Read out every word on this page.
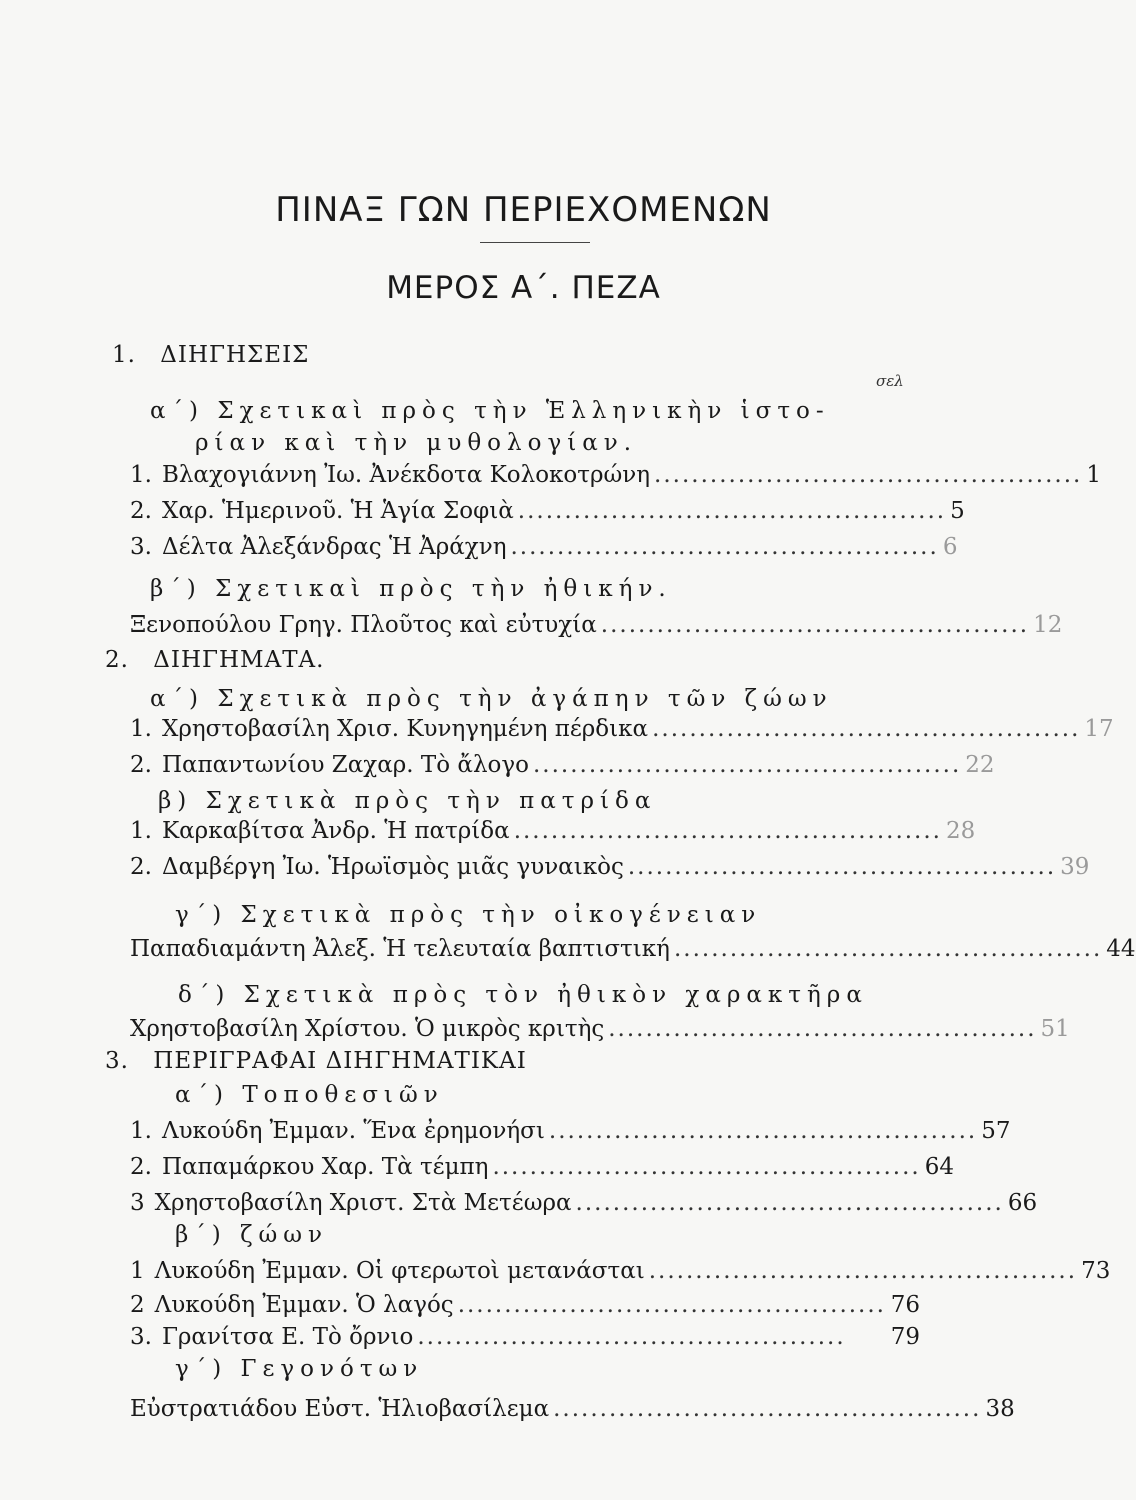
ΠΙΝΑΞ ΓΩΝ ΠΕΡΙΕΧΟΜΕΝΩΝ
ΜΕΡΟΣ Α΄. ΠΕΖΑ
σελ
1. ΔΙΗΓΗΣΕΙΣ
α΄) Σχετικαὶ πρὸς τὴν Ἑλληνικὴν ἱστο-
ρίαν καὶ τὴν μυθολογίαν.
1. Βλαχογιάννη Ἰω. Ἀνέκδοτα Κολοκοτρώνη .............................................. 1
2. Χαρ. Ἡμερινοῦ. Ἡ Ἁγία Σοφιὰ .............................................. 5
3. Δέλτα Ἀλεξάνδρας Ἡ Ἀράχνη .............................................. 6
β΄) Σχετικαὶ πρὸς τὴν ἠθικήν.
Ξενοπούλου Γρηγ. Πλοῦτος καὶ εὐτυχία .............................................. 12
2. ΔΙΗΓΗΜΑΤΑ.
α΄) Σχετικὰ πρὸς τὴν ἀγάπην τῶν ζώων
1. Χρηστοβασίλη Χρισ. Κυνηγημένη πέρδικα .............................................. 17
2. Παπαντωνίου Ζαχαρ. Τὸ ἄλογο .............................................. 22
β) Σχετικὰ πρὸς τὴν πατρίδα
1. Καρκαβίτσα Ἀνδρ. Ἡ πατρίδα .............................................. 28
2. Δαμβέργη Ἰω. Ἡρωϊσμὸς μιᾶς γυναικὸς .............................................. 39
γ΄) Σχετικὰ πρὸς τὴν οἰκογένειαν
Παπαδιαμάντη Ἀλεξ. Ἡ τελευταία βαπτιστική .............................................. 44
δ΄) Σχετικὰ πρὸς τὸν ἠθικὸν χαρακτῆρα
Χρηστοβασίλη Χρίστου. Ὁ μικρὸς κριτὴς .............................................. 51
3. ΠΕΡΙΓΡΑΦΑΙ ΔΙΗΓΗΜΑΤΙΚΑΙ
α΄) Τοποθεσιῶν
1. Λυκούδη Ἐμμαν. Ἕνα ἐρημονήσι .............................................. 57
2. Παπαμάρκου Χαρ. Τὰ τέμπη .............................................. 64
3 Χρηστοβασίλη Χριστ. Στὰ Μετέωρα .............................................. 66
β΄) ζώων
1 Λυκούδη Ἐμμαν. Οἱ φτερωτοὶ μετανάσται .............................................. 73
2 Λυκούδη Ἐμμαν. Ὁ λαγός .............................................. 76
3. Γρανίτσα Ε. Τὸ ὄρνιο ..............................................	79
γ΄) Γεγονότων
Εὐστρατιάδου Εὐστ. Ἡλιοβασίλεμα .............................................. 38
